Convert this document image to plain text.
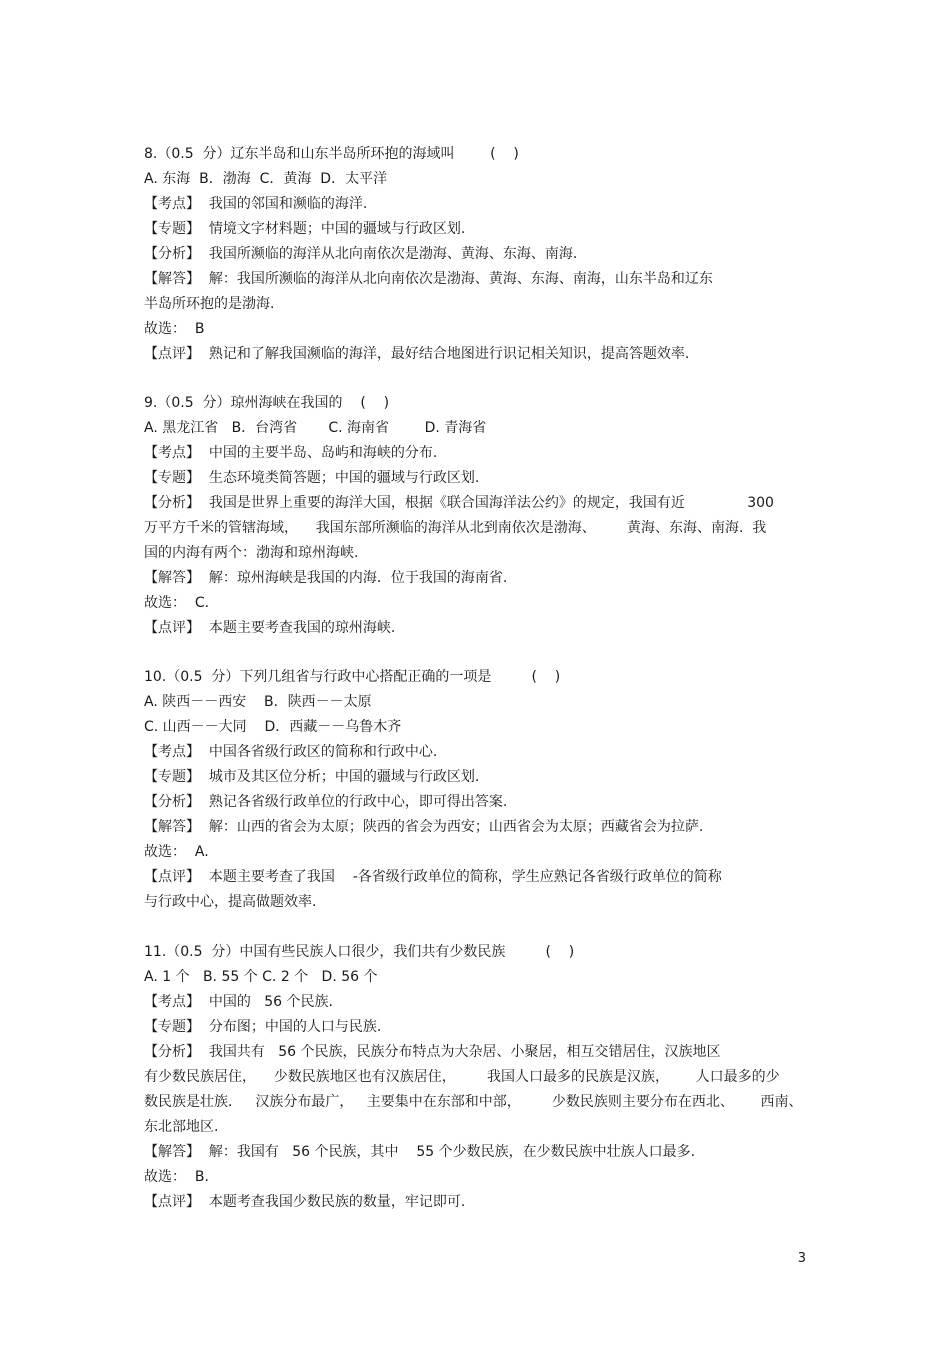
8.（0.5  分）辽东半岛和山东半岛所环抱的海域叫        (    )
A. 东海  B．渤海  C．黄海  D．太平洋
【考点】  我国的邻国和濒临的海洋.
【专题】  情境文字材料题；中国的疆域与行政区划.
【分析】  我国所濒临的海洋从北向南依次是渤海、黄海、东海、南海.
【解答】  解：我国所濒临的海洋从北向南依次是渤海、黄海、东海、南海，山东半岛和辽东
半岛所环抱的是渤海.
故选：  B
【点评】  熟记和了解我国濒临的海洋，最好结合地图进行识记相关知识，提高答题效率.
9.（0.5  分）琼州海峡在我国的    (    )
A. 黑龙江省   B．台湾省       C. 海南省        D. 青海省
【考点】  中国的主要半岛、岛屿和海峡的分布.
【专题】  生态环境类简答题；中国的疆域与行政区划.
【分析】  我国是世界上重要的海洋大国，根据《联合国海洋法公约》的规定，我国有近              300
万平方千米的管辖海域，    我国东部所濒临的海洋从北到南依次是渤海、       黄海、东海、南海.  我
国的内海有两个：渤海和琼州海峡.
【解答】  解：琼州海峡是我国的内海．位于我国的海南省.
故选：  C.
【点评】  本题主要考查我国的琼州海峡.
10.（0.5  分）下列几组省与行政中心搭配正确的一项是         (    )
A. 陕西－－西安    B．陕西－－太原
C. 山西－－大同    D．西藏－－乌鲁木齐
【考点】  中国各省级行政区的简称和行政中心.
【专题】  城市及其区位分析；中国的疆域与行政区划.
【分析】  熟记各省级行政单位的行政中心，即可得出答案.
【解答】  解：山西的省会为太原；陕西的省会为西安；山西省会为太原；西藏省会为拉萨.
故选：  A.
【点评】  本题主要考查了我国    -各省级行政单位的简称，学生应熟记各省级行政单位的简称
与行政中心，提高做题效率.
11.（0.5  分）中国有些民族人口很少，我们共有少数民族         (    )
A. 1 个   B. 55 个 C. 2 个   D. 56 个
【考点】  中国的   56 个民族.
【专题】  分布图；中国的人口与民族.
【分析】  我国共有   56 个民族，民族分布特点为大杂居、小聚居，相互交错居住，汉族地区
有少数民族居住，    少数民族地区也有汉族居住，       我国人口最多的民族是汉族，      人口最多的少
数民族是壮族．   汉族分布最广，   主要集中在东部和中部，       少数民族则主要分布在西北、      西南、
东北部地区.
【解答】  解：我国有   56 个民族，其中    55 个少数民族，在少数民族中壮族人口最多.
故选：  B.
【点评】  本题考查我国少数民族的数量，牢记即可.
3
